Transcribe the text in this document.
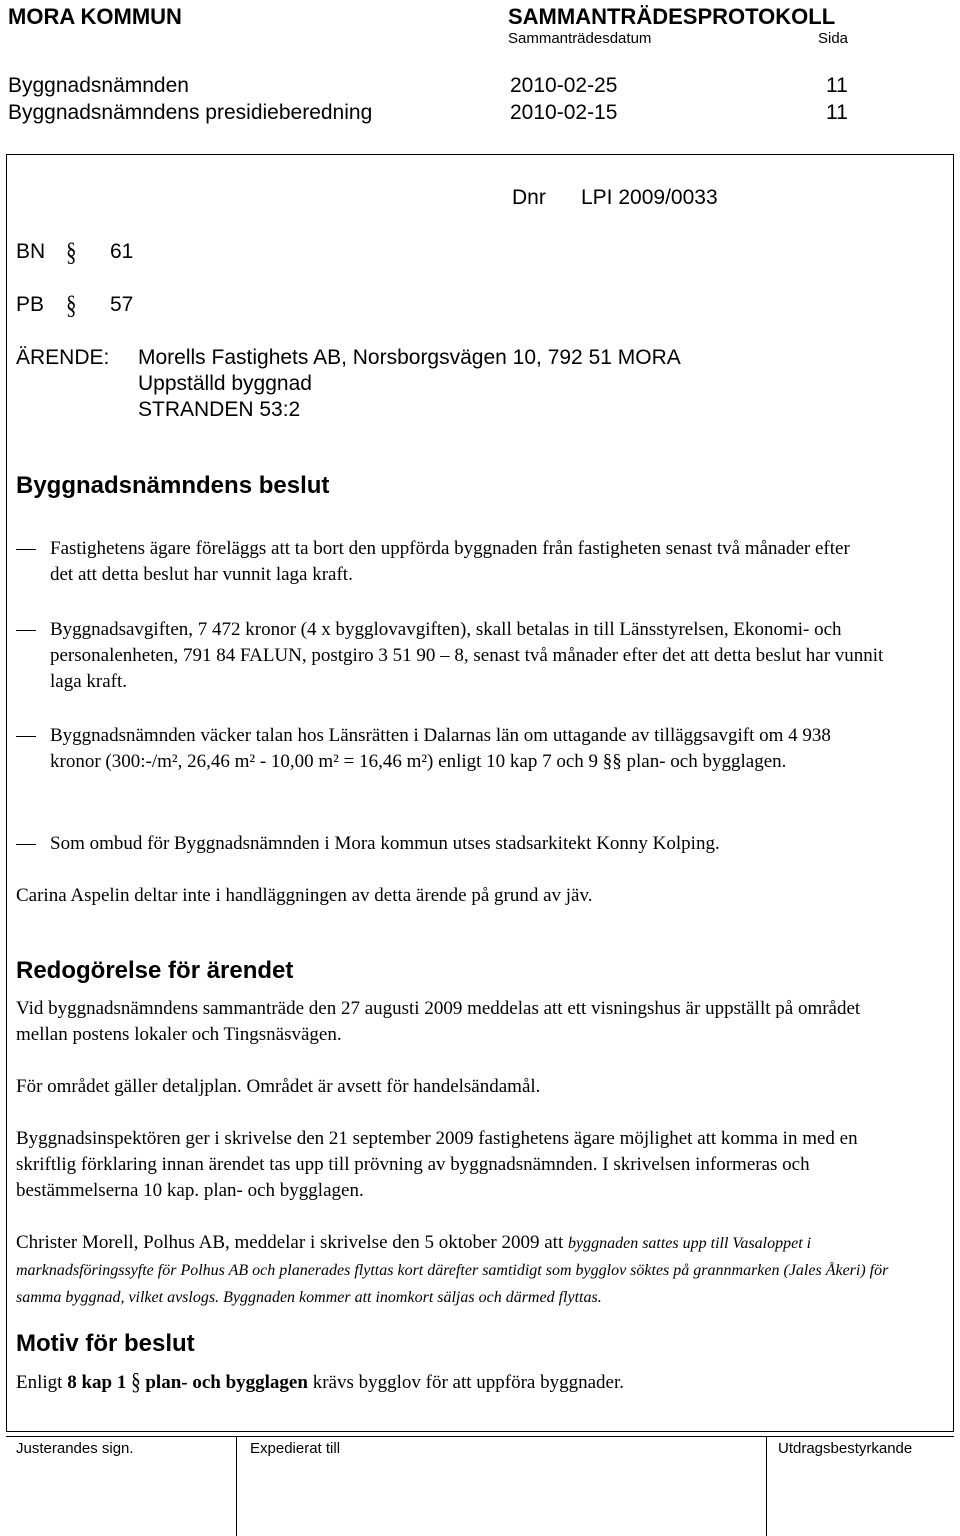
MORA KOMMUN	SAMMANTRÄDESPROTOKOLL
Sammanträdesdatum	Sida
Byggnadsnämnden	2010-02-25	11
Byggnadsnämndens presidieberedning	2010-02-15	11
Dnr LPI 2009/0033
BN § 61
PB § 57
ÄRENDE: Morells Fastighets AB, Norsborgsvägen 10, 792 51 MORA
Uppställd byggnad
STRANDEN 53:2
Byggnadsnämndens beslut
Fastighetens ägare föreläggs att ta bort den uppförda byggnaden från fastigheten senast två månader efter det att detta beslut har vunnit laga kraft.
Byggnadsavgiften, 7 472 kronor (4 x bygglovavgiften), skall betalas in till Länsstyrelsen, Ekonomi- och personalenheten, 791 84 FALUN, postgiro 3 51 90 – 8, senast två månader efter det att detta beslut har vunnit laga kraft.
Byggnadsnämnden väcker talan hos Länsrätten i Dalarnas län om uttagande av tilläggsavgift om 4 938 kronor (300:-/m², 26,46 m² - 10,00 m² = 16,46 m²) enligt 10 kap 7 och 9 §§ plan- och bygglagen.
Som ombud för Byggnadsnämnden i Mora kommun utses stadsarkitekt Konny Kolping.
Carina Aspelin deltar inte i handläggningen av detta ärende på grund av jäv.
Redogörelse för ärendet
Vid byggnadsnämndens sammanträde den 27 augusti 2009 meddelas att ett visningshus är uppställt på området mellan postens lokaler och Tingsnäsvägen.
För området gäller detaljplan. Området är avsett för handelsändamål.
Byggnadsinspektören ger i skrivelse den 21 september 2009 fastighetens ägare möjlighet att komma in med en skriftlig förklaring innan ärendet tas upp till prövning av byggnadsnämnden. I skrivelsen informeras och bestämmelserna 10 kap. plan- och bygglagen.
Christer Morell, Polhus AB, meddelar i skrivelse den 5 oktober 2009 att byggnaden sattes upp till Vasaloppet i marknadsföringssyfte för Polhus AB och planerades flyttas kort därefter samtidigt som bygglov söktes på grannmarken (Jales Åkeri) för samma byggnad, vilket avslogs. Byggnaden kommer att inomkort säljas och därmed flyttas.
Motiv för beslut
Enligt 8 kap 1 § plan- och bygglagen krävs bygglov för att uppföra byggnader.
Justerandes sign.	Expedierat till	Utdragsbestyrkande
